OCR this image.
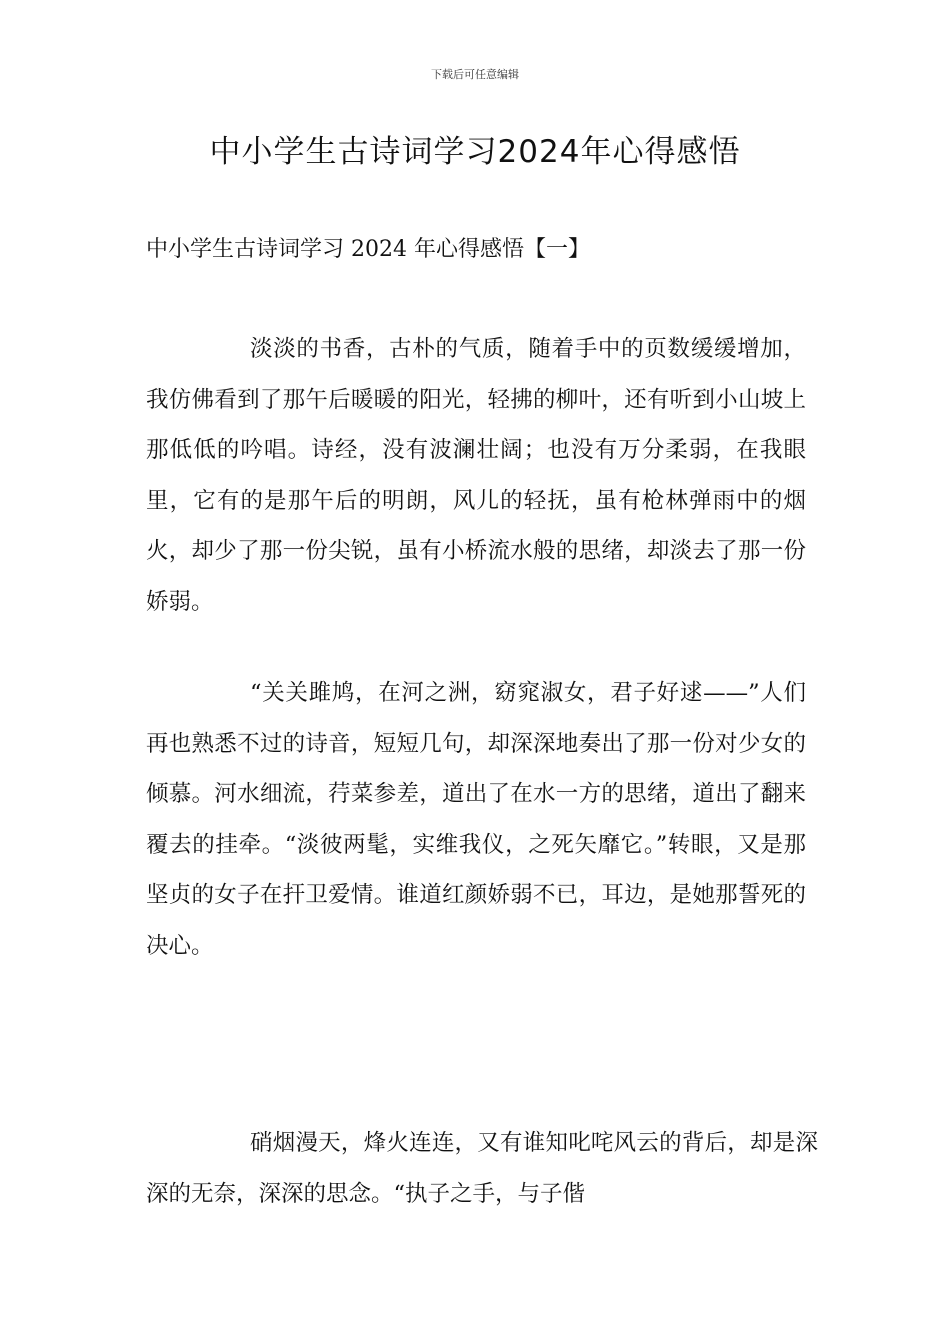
下载后可任意编辑
中小学生古诗词学习2024年心得感悟
中小学生古诗词学习 2024 年心得感悟【一】

淡淡的书香，古朴的气质，随着手中的页数缓缓增加，我仿佛看到了那午后暖暖的阳光，轻拂的柳叶，还有听到小山坡上那低低的吟唱。诗经，没有波澜壮阔；也没有万分柔弱，在我眼里，它有的是那午后的明朗，风儿的轻抚，虽有枪林弹雨中的烟火，却少了那一份尖锐，虽有小桥流水般的思绪，却淡去了那一份娇弱。

“关关雎鸠，在河之洲，窈窕淑女，君子好逑——”人们再也熟悉不过的诗音，短短几句，却深深地奏出了那一份对少女的倾慕。河水细流，荇菜参差，道出了在水一方的思绪，道出了翻来覆去的挂牵。“淡彼两髦，实维我仪，之死矢靡它。”转眼，又是那坚贞的女子在扞卫爱情。谁道红颜娇弱不已，耳边，是她那誓死的决心。

硝烟漫天，烽火连连，又有谁知叱咤风云的背后，却是深深的无奈，深深的思念。“执子之手，与子偕
